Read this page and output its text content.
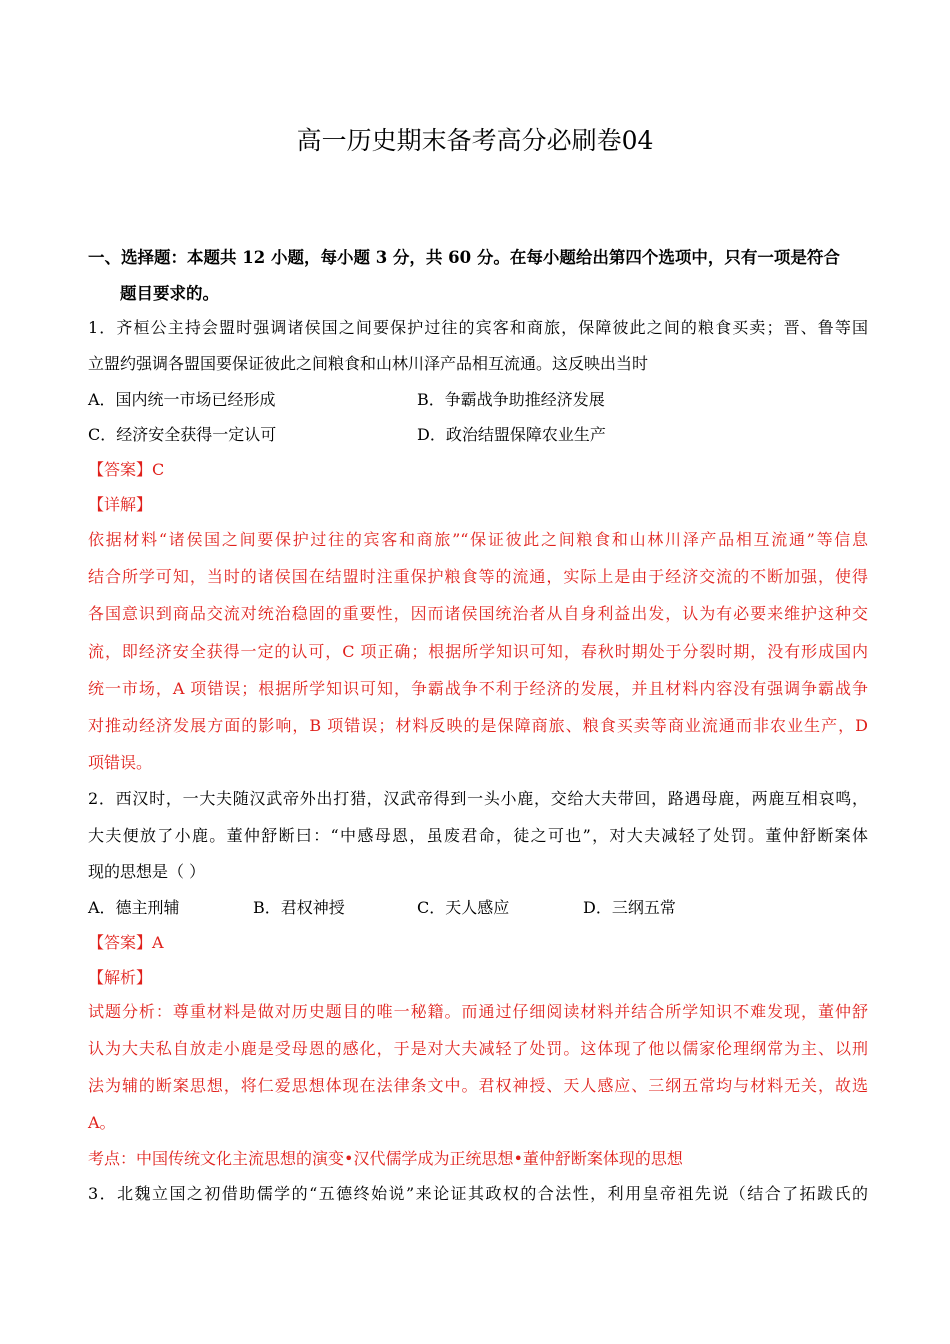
高一历史期末备考高分必刷卷04
一、选择题：本题共 12 小题，每小题 3 分，共 60 分。在每小题给出第四个选项中，只有一项是符合
题目要求的。
1．齐桓公主持会盟时强调诸侯国之间要保护过往的宾客和商旅，保障彼此之间的粮食买卖；晋、鲁等国
立盟约强调各盟国要保证彼此之间粮食和山林川泽产品相互流通。这反映出当时
A．国内统一市场已经形成	B．争霸战争助推经济发展
C．经济安全获得一定认可	D．政治结盟保障农业生产
【答案】C
【详解】
依据材料“诸侯国之间要保护过往的宾客和商旅”“保证彼此之间粮食和山林川泽产品相互流通”等信息
结合所学可知，当时的诸侯国在结盟时注重保护粮食等的流通，实际上是由于经济交流的不断加强，使得
各国意识到商品交流对统治稳固的重要性，因而诸侯国统治者从自身利益出发，认为有必要来维护这种交
流，即经济安全获得一定的认可，C 项正确；根据所学知识可知，春秋时期处于分裂时期，没有形成国内
统一市场，A 项错误；根据所学知识可知，争霸战争不利于经济的发展，并且材料内容没有强调争霸战争
对推动经济发展方面的影响，B 项错误；材料反映的是保障商旅、粮食买卖等商业流通而非农业生产，D
项错误。
2．西汉时，一大夫随汉武帝外出打猎，汉武帝得到一头小鹿，交给大夫带回，路遇母鹿，两鹿互相哀鸣，
大夫便放了小鹿。董仲舒断曰：“中感母恩，虽废君命，徒之可也”，对大夫减轻了处罚。董仲舒断案体
现的思想是（ ）
A．德主刑辅	B．君权神授	C．天人感应	D．三纲五常
【答案】A
【解析】
试题分析：尊重材料是做对历史题目的唯一秘籍。而通过仔细阅读材料并结合所学知识不难发现，董仲舒
认为大夫私自放走小鹿是受母恩的感化，于是对大夫减轻了处罚。这体现了他以儒家伦理纲常为主、以刑
法为辅的断案思想，将仁爱思想体现在法律条文中。君权神授、天人感应、三纲五常均与材料无关，故选
A。
考点：中国传统文化主流思想的演变•汉代儒学成为正统思想•董仲舒断案体现的思想
3．北魏立国之初借助儒学的“五德终始说”来论证其政权的合法性，利用皇帝祖先说（结合了拓跋氏的
